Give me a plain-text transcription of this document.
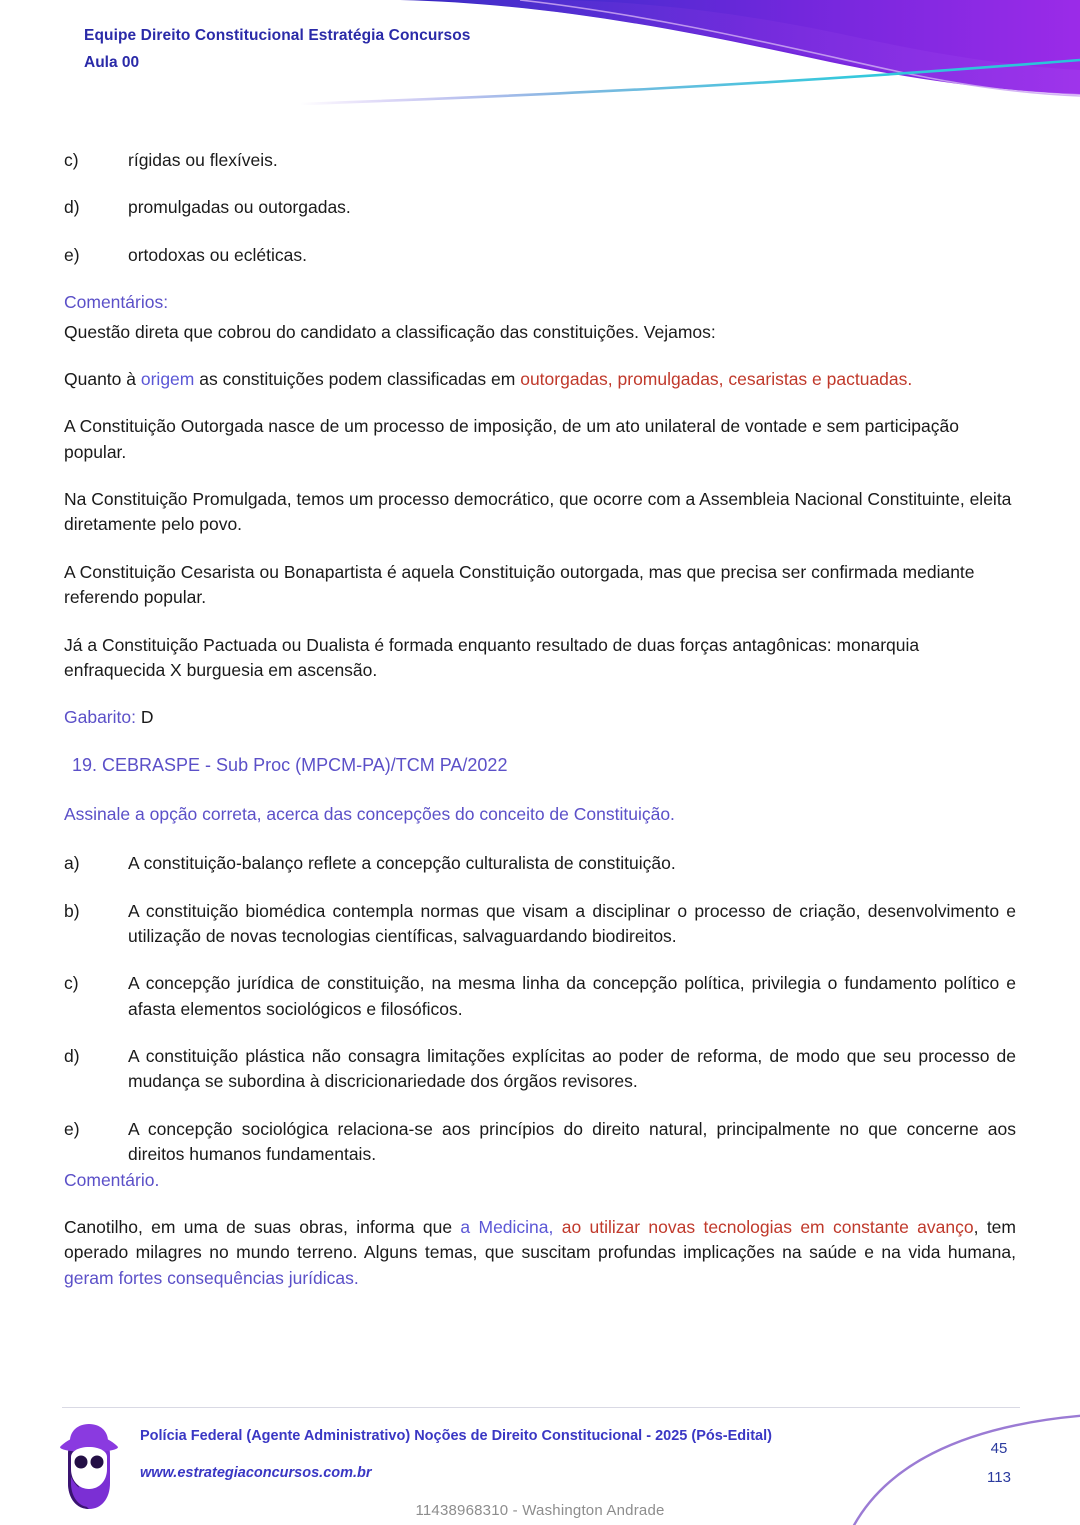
Equipe Direito Constitucional Estratégia Concursos
Aula 00
c)	rígidas ou flexíveis.
d)	promulgadas ou outorgadas.
e)	ortodoxas ou ecléticas.

Comentários:

Questão direta que cobrou do candidato a classificação das constituições. Vejamos:

Quanto à origem as constituições podem classificadas em outorgadas, promulgadas, cesaristas e pactuadas.

A Constituição Outorgada nasce de um processo de imposição, de um ato unilateral de vontade e sem participação popular.

Na Constituição Promulgada, temos um processo democrático, que ocorre com a Assembleia Nacional Constituinte, eleita diretamente pelo povo.

A Constituição Cesarista ou Bonapartista é aquela Constituição outorgada, mas que precisa ser confirmada mediante referendo popular.

Já a Constituição Pactuada ou Dualista é formada enquanto resultado de duas forças antagônicas: monarquia enfraquecida X burguesia em ascensão.

Gabarito: D

19. CEBRASPE - Sub Proc (MPCM-PA)/TCM PA/2022

Assinale a opção correta, acerca das concepções do conceito de Constituição.

a)	A constituição-balanço reflete a concepção culturalista de constituição.
b)	A constituição biomédica contempla normas que visam a disciplinar o processo de criação, desenvolvimento e utilização de novas tecnologias científicas, salvaguardando biodireitos.
c)	A concepção jurídica de constituição, na mesma linha da concepção política, privilegia o fundamento político e afasta elementos sociológicos e filosóficos.
d)	A constituição plástica não consagra limitações explícitas ao poder de reforma, de modo que seu processo de mudança se subordina à discricionariedade dos órgãos revisores.
e)	A concepção sociológica relaciona-se aos princípios do direito natural, principalmente no que concerne aos direitos humanos fundamentais.

Comentário.

Canotilho, em uma de suas obras, informa que a Medicina, ao utilizar novas tecnologias em constante avanço, tem operado milagres no mundo terreno. Alguns temas, que suscitam profundas implicações na saúde e na vida humana, geram fortes consequências jurídicas.

Polícia Federal (Agente Administrativo) Noções de Direito Constitucional - 2025 (Pós-Edital)
www.estrategiaconcursos.com.br
45
113
11438968310 - Washington Andrade
